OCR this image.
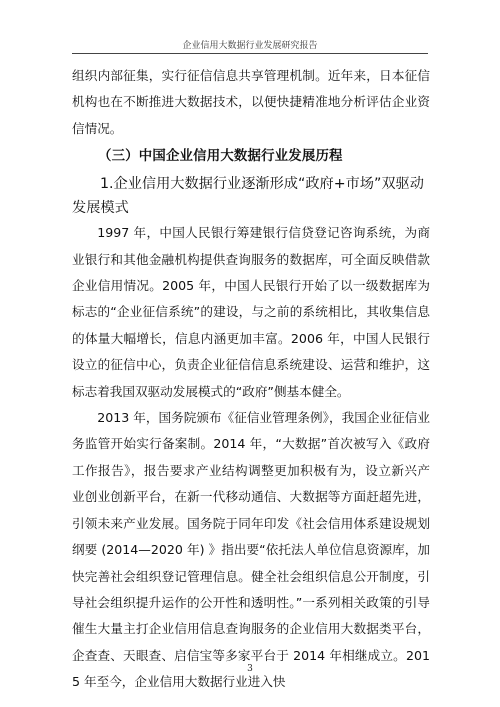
企业信用大数据行业发展研究报告

组织内部征集，实行征信信息共享管理机制。近年来，日本征信机构也在不断推进大数据技术，以便快捷精准地分析评估企业资信情况。

（三）中国企业信用大数据行业发展历程

1.企业信用大数据行业逐渐形成“政府+市场”双驱动
发展模式

1997 年，中国人民银行筹建银行信贷登记咨询系统，为商业银行和其他金融机构提供查询服务的数据库，可全面反映借款企业信用情况。2005 年，中国人民银行开始了以一级数据库为标志的“企业征信系统”的建设，与之前的系统相比，其收集信息的体量大幅增长，信息内涵更加丰富。2006 年，中国人民银行设立的征信中心，负责企业征信信息系统建设、运营和维护，这标志着我国双驱动发展模式的“政府”侧基本健全。

2013 年，国务院颁布《征信业管理条例》，我国企业征信业务监管开始实行备案制。2014 年，“大数据”首次被写入《政府工作报告》，报告要求产业结构调整更加积极有为，设立新兴产业创业创新平台，在新一代移动通信、大数据等方面赶超先进，引领未来产业发展。国务院于同年印发《社会信用体系建设规划纲要 (2014—2020 年) 》指出要“依托法人单位信息资源库，加快完善社会组织登记管理信息。健全社会组织信息公开制度，引导社会组织提升运作的公开性和透明性。”一系列相关政策的引导催生大量主打企业信用信息查询服务的企业信用大数据类平台，企查查、天眼查、启信宝等多家平台于 2014 年相继成立。2015 年至今，企业信用大数据行业进入快

3
